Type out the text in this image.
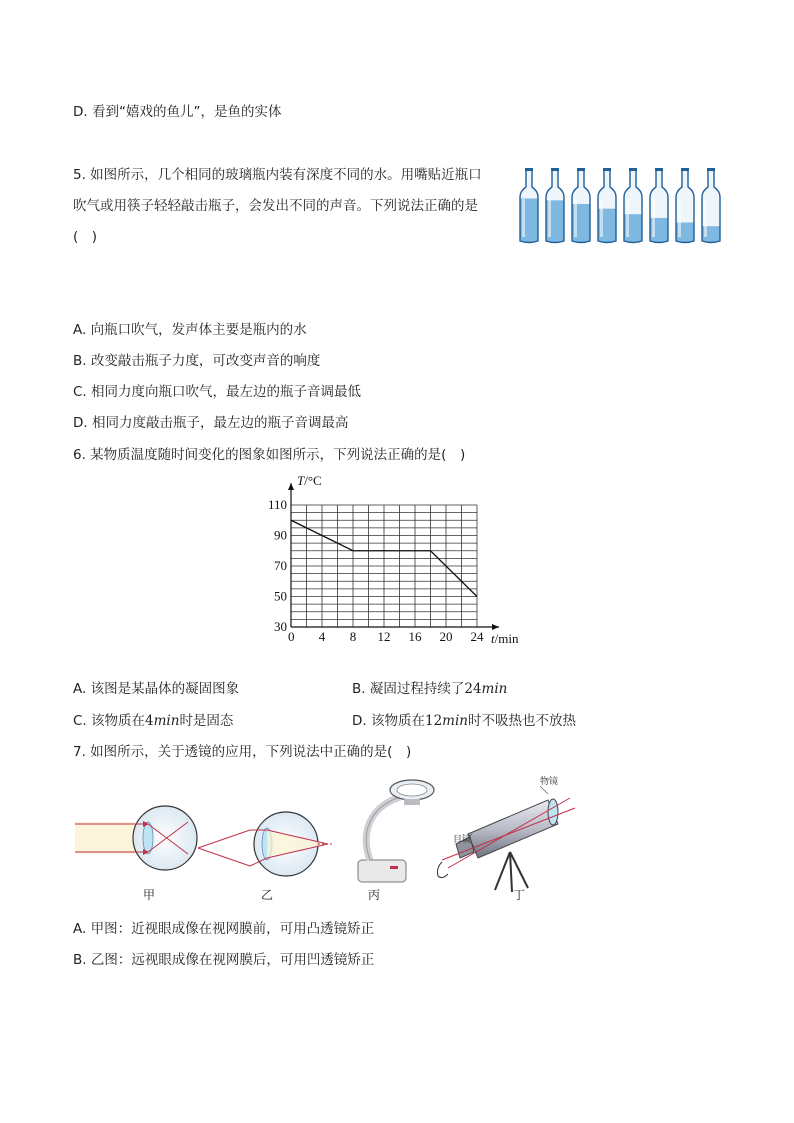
D. 看到“嬉戏的鱼儿”，是鱼的实体
5. 如图所示，几个相同的玻璃瓶内装有深度不同的水。用嘴贴近瓶口
吹气或用筷子轻轻敲击瓶子，会发出不同的声音。下列说法正确的是
(　)
A. 向瓶口吹气，发声体主要是瓶内的水
B. 改变敲击瓶子力度，可改变声音的响度
C. 相同力度向瓶口吹气，最左边的瓶子音调最低
D. 相同力度敲击瓶子，最左边的瓶子音调最高
6. 某物质温度随时间变化的图象如图所示，下列说法正确的是(　)
0 4 8 12 16 20 24
110
90
70
50
30
T/°C
t/min
A. 该图是某晶体的凝固图象	B. 凝固过程持续了24min
C. 该物质在4min时是固态	D. 该物质在12min时不吸热也不放热
7. 如图所示，关于透镜的应用，下列说法中正确的是(　)
物镜
目镜
甲	乙	丙	丁
A. 甲图：近视眼成像在视网膜前，可用凸透镜矫正
B. 乙图：远视眼成像在视网膜后，可用凹透镜矫正
